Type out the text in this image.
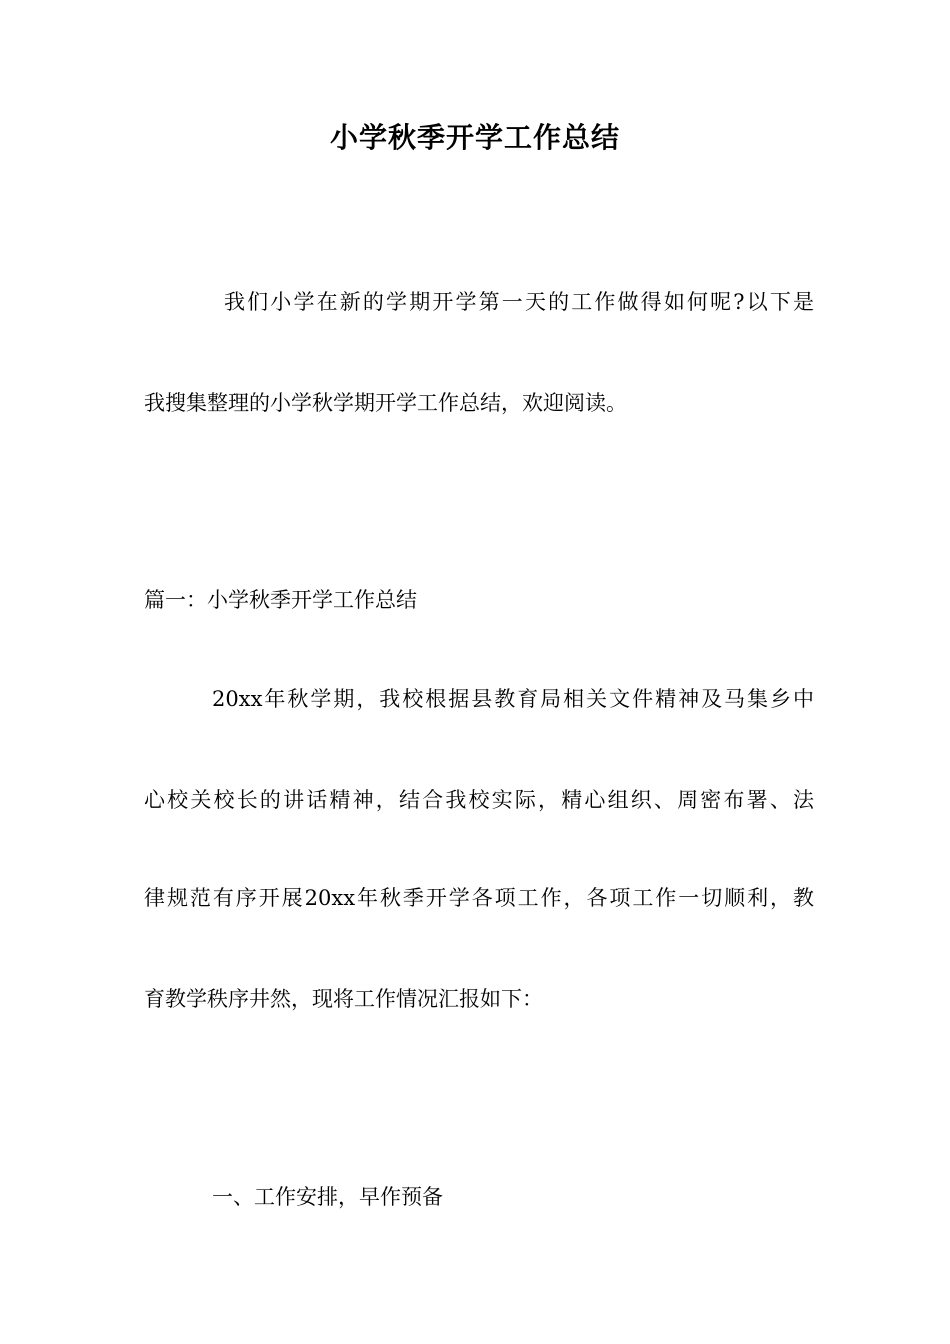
小学秋季开学工作总结
我们小学在新的学期开学第一天的工作做得如何呢?以下是
我搜集整理的小学秋学期开学工作总结，欢迎阅读。
篇一：小学秋季开学工作总结
20xx年秋学期，我校根据县教育局相关文件精神及马集乡中
心校关校长的讲话精神，结合我校实际，精心组织、周密布署、法
律规范有序开展20xx年秋季开学各项工作，各项工作一切顺利，教
育教学秩序井然，现将工作情况汇报如下：
一、工作安排，早作预备
